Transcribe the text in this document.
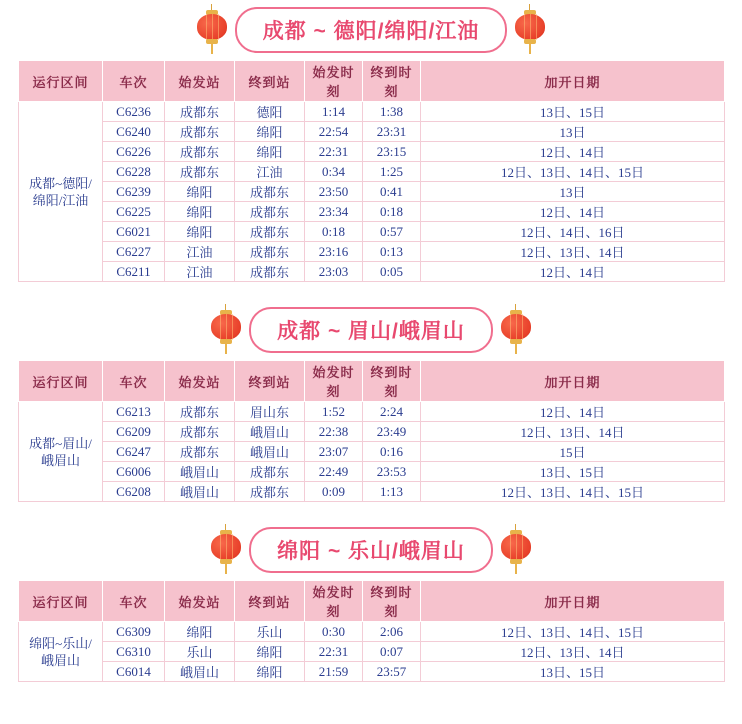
成都 ~ 德阳/绵阳/江油
运行区间	车次	始发站	终到站	始发时刻	终到时刻	加开日期
成都~德阳/
绵阳/江油	C6236	成都东	德阳	1:14	1:38	13日、15日
	C6240	成都东	绵阳	22:54	23:31	13日
	C6226	成都东	绵阳	22:31	23:15	12日、14日
	C6228	成都东	江油	0:34	1:25	12日、13日、14日、15日
	C6239	绵阳	成都东	23:50	0:41	13日
	C6225	绵阳	成都东	23:34	0:18	12日、14日
	C6021	绵阳	成都东	0:18	0:57	12日、14日、16日
	C6227	江油	成都东	23:16	0:13	12日、13日、14日
	C6211	江油	成都东	23:03	0:05	12日、14日
成都 ~ 眉山/峨眉山
运行区间	车次	始发站	终到站	始发时刻	终到时刻	加开日期
成都~眉山/
峨眉山	C6213	成都东	眉山东	1:52	2:24	12日、14日
	C6209	成都东	峨眉山	22:38	23:49	12日、13日、14日
	C6247	成都东	峨眉山	23:07	0:16	15日
	C6006	峨眉山	成都东	22:49	23:53	13日、15日
	C6208	峨眉山	成都东	0:09	1:13	12日、13日、14日、15日
绵阳 ~ 乐山/峨眉山
运行区间	车次	始发站	终到站	始发时刻	终到时刻	加开日期
绵阳~乐山/
峨眉山	C6309	绵阳	乐山	0:30	2:06	12日、13日、14日、15日
	C6310	乐山	绵阳	22:31	0:07	12日、13日、14日
	C6014	峨眉山	绵阳	21:59	23:57	13日、15日
